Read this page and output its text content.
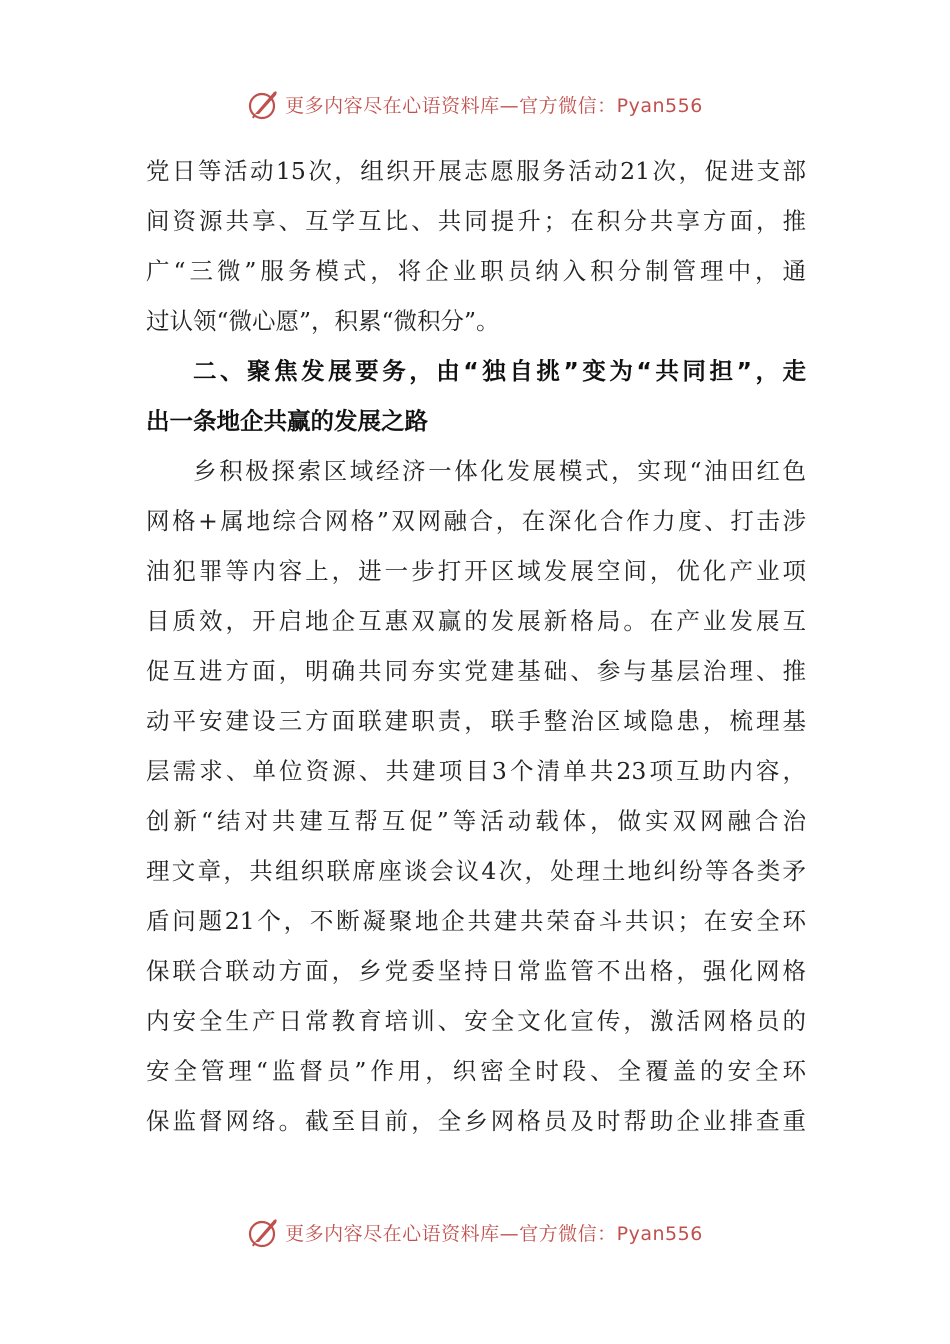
更多内容尽在心语资料库—官方微信：Pyan556
党日等活动15次，组织开展志愿服务活动21次，促进支部
间资源共享、互学互比、共同提升；在积分共享方面，推
广“三微”服务模式，将企业职员纳入积分制管理中，通
过认领“微心愿”，积累“微积分”。
二、聚焦发展要务，由“独自挑”变为“共同担”，走
出一条地企共赢的发展之路
乡积极探索区域经济一体化发展模式，实现“油田红色
网格+属地综合网格”双网融合，在深化合作力度、打击涉
油犯罪等内容上，进一步打开区域发展空间，优化产业项
目质效，开启地企互惠双赢的发展新格局。在产业发展互
促互进方面，明确共同夯实党建基础、参与基层治理、推
动平安建设三方面联建职责，联手整治区域隐患，梳理基
层需求、单位资源、共建项目3个清单共23项互助内容，
创新“结对共建互帮互促”等活动载体，做实双网融合治
理文章，共组织联席座谈会议4次，处理土地纠纷等各类矛
盾问题21个，不断凝聚地企共建共荣奋斗共识；在安全环
保联合联动方面，乡党委坚持日常监管不出格，强化网格
内安全生产日常教育培训、安全文化宣传，激活网格员的
安全管理“监督员”作用，织密全时段、全覆盖的安全环
保监督网络。截至目前，全乡网格员及时帮助企业排查重
更多内容尽在心语资料库—官方微信：Pyan556
